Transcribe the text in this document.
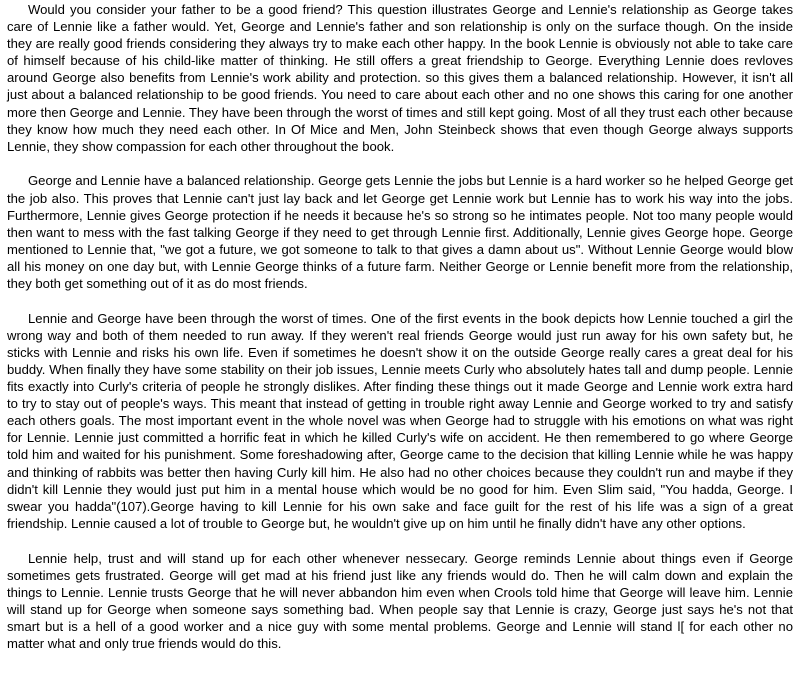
Would you consider your father to be a good friend? This question illustrates George and Lennie's relationship as George takes care of Lennie like a father would. Yet, George and Lennie's father and son relationship is only on the surface though. On the inside they are really good friends considering they always try to make each other happy. In the book Lennie is obviously not able to take care of himself because of his child-like matter of thinking. He still offers a great friendship to George. Everything Lennie does revloves around George also benefits from Lennie's work ability and protection. so this gives them a balanced relationship. However, it isn't all just about a balanced relationship to be good friends. You need to care about each other and no one shows this caring for one another more then George and Lennie. They have been through the worst of times and still kept going. Most of all they trust each other because they know how much they need each other. In Of Mice and Men, John Steinbeck shows that even though George always supports Lennie, they show compassion for each other throughout the book.

George and Lennie have a balanced relationship. George gets Lennie the jobs but Lennie is a hard worker so he helped George get the job also. This proves that Lennie can't just lay back and let George get Lennie work but Lennie has to work his way into the jobs. Furthermore, Lennie gives George protection if he needs it because he's so strong so he intimates people. Not too many people would then want to mess with the fast talking George if they need to get through Lennie first. Additionally, Lennie gives George hope. George mentioned to Lennie that, "we got a future, we got someone to talk to that gives a damn about us". Without Lennie George would blow all his money on one day but, with Lennie George thinks of a future farm. Neither George or Lennie benefit more from the relationship, they both get something out of it as do most friends.

Lennie and George have been through the worst of times. One of the first events in the book depicts how Lennie touched a girl the wrong way and both of them needed to run away. If they weren't real friends George would just run away for his own safety but, he sticks with Lennie and risks his own life. Even if sometimes he doesn't show it on the outside George really cares a great deal for his buddy. When finally they have some stability on their job issues, Lennie meets Curly who absolutely hates tall and dump people. Lennie fits exactly into Curly's criteria of people he strongly dislikes. After finding these things out it made George and Lennie work extra hard to try to stay out of people's ways. This meant that instead of getting in trouble right away Lennie and George worked to try and satisfy each others goals. The most important event in the whole novel was when George had to struggle with his emotions on what was right for Lennie. Lennie just committed a horrific feat in which he killed Curly's wife on accident. He then remembered to go where George told him and waited for his punishment. Some foreshadowing after, George came to the decision that killing Lennie while he was happy and thinking of rabbits was better then having Curly kill him. He also had no other choices because they couldn't run and maybe if they didn't kill Lennie they would just put him in a mental house which would be no good for him. Even Slim said, "You hadda, George. I swear you hadda"(107).George having to kill Lennie for his own sake and face guilt for the rest of his life was a sign of a great friendship. Lennie caused a lot of trouble to George but, he wouldn't give up on him until he finally didn't have any other options.

Lennie help, trust and will stand up for each other whenever nessecary. George reminds Lennie about things even if George sometimes gets frustrated. George will get mad at his friend just like any friends would do. Then he will calm down and explain the things to Lennie. Lennie trusts George that he will never abbandon him even when Crools told hime that George will leave him. Lennie will stand up for George when someone says something bad. When people say that Lennie is crazy, George just says he's not that smart but is a hell of a good worker and a nice guy with some mental problems. George and Lennie will stand l[ for each other no matter what and only true friends would do this.
